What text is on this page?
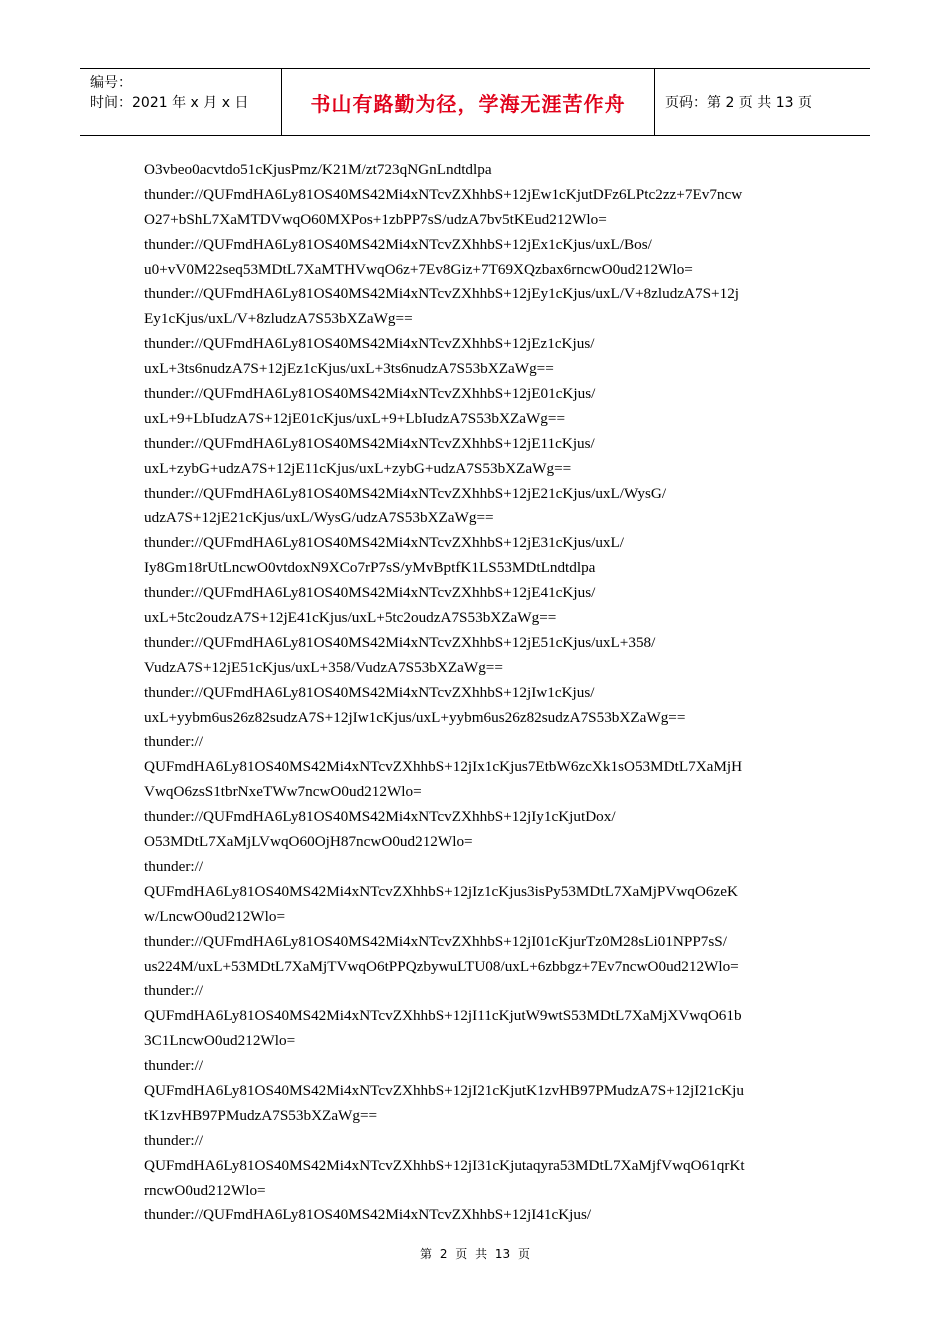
编号：
时间：2021 年 x 月 x 日	书山有路勤为径，学海无涯苦作舟	页码：第 2 页 共 13 页
O3vbeo0acvtdo51cKjusPmz/K21M/zt723qNGnLndtdlpa
thunder://QUFmdHA6Ly81OS40MS42Mi4xNTcvZXhhbS+12jEw1cKjutDFz6LPtc2zz+7Ev7ncw
O27+bShL7XaMTDVwqO60MXPos+1zbPP7sS/udzA7bv5tKEud212Wlo=
thunder://QUFmdHA6Ly81OS40MS42Mi4xNTcvZXhhbS+12jEx1cKjus/uxL/Bos/
u0+vV0M22seq53MDtL7XaMTHVwqO6z+7Ev8Giz+7T69XQzbax6rncwO0ud212Wlo=
thunder://QUFmdHA6Ly81OS40MS42Mi4xNTcvZXhhbS+12jEy1cKjus/uxL/V+8zludzA7S+12j
Ey1cKjus/uxL/V+8zludzA7S53bXZaWg==
thunder://QUFmdHA6Ly81OS40MS42Mi4xNTcvZXhhbS+12jEz1cKjus/
uxL+3ts6nudzA7S+12jEz1cKjus/uxL+3ts6nudzA7S53bXZaWg==
thunder://QUFmdHA6Ly81OS40MS42Mi4xNTcvZXhhbS+12jE01cKjus/
uxL+9+LbIudzA7S+12jE01cKjus/uxL+9+LbIudzA7S53bXZaWg==
thunder://QUFmdHA6Ly81OS40MS42Mi4xNTcvZXhhbS+12jE11cKjus/
uxL+zybG+udzA7S+12jE11cKjus/uxL+zybG+udzA7S53bXZaWg==
thunder://QUFmdHA6Ly81OS40MS42Mi4xNTcvZXhhbS+12jE21cKjus/uxL/WysG/
udzA7S+12jE21cKjus/uxL/WysG/udzA7S53bXZaWg==
thunder://QUFmdHA6Ly81OS40MS42Mi4xNTcvZXhhbS+12jE31cKjus/uxL/
Iy8Gm18rUtLncwO0vtdoxN9XCo7rP7sS/yMvBptfK1LS53MDtLndtdlpa
thunder://QUFmdHA6Ly81OS40MS42Mi4xNTcvZXhhbS+12jE41cKjus/
uxL+5tc2oudzA7S+12jE41cKjus/uxL+5tc2oudzA7S53bXZaWg==
thunder://QUFmdHA6Ly81OS40MS42Mi4xNTcvZXhhbS+12jE51cKjus/uxL+358/
VudzA7S+12jE51cKjus/uxL+358/VudzA7S53bXZaWg==
thunder://QUFmdHA6Ly81OS40MS42Mi4xNTcvZXhhbS+12jIw1cKjus/
uxL+yybm6us26z82sudzA7S+12jIw1cKjus/uxL+yybm6us26z82sudzA7S53bXZaWg==
thunder://
QUFmdHA6Ly81OS40MS42Mi4xNTcvZXhhbS+12jIx1cKjus7EtbW6zcXk1sO53MDtL7XaMjH
VwqO6zsS1tbrNxeTWw7ncwO0ud212Wlo=
thunder://QUFmdHA6Ly81OS40MS42Mi4xNTcvZXhhbS+12jIy1cKjutDox/
O53MDtL7XaMjLVwqO60OjH87ncwO0ud212Wlo=
thunder://
QUFmdHA6Ly81OS40MS42Mi4xNTcvZXhhbS+12jIz1cKjus3isPy53MDtL7XaMjPVwqO6zeK
w/LncwO0ud212Wlo=
thunder://QUFmdHA6Ly81OS40MS42Mi4xNTcvZXhhbS+12jI01cKjurTz0M28sLi01NPP7sS/
us224M/uxL+53MDtL7XaMjTVwqO6tPPQzbywuLTU08/uxL+6zbbgz+7Ev7ncwO0ud212Wlo=
thunder://
QUFmdHA6Ly81OS40MS42Mi4xNTcvZXhhbS+12jI11cKjutW9wtS53MDtL7XaMjXVwqO61b
3C1LncwO0ud212Wlo=
thunder://
QUFmdHA6Ly81OS40MS42Mi4xNTcvZXhhbS+12jI21cKjutK1zvHB97PMudzA7S+12jI21cKju
tK1zvHB97PMudzA7S53bXZaWg==
thunder://
QUFmdHA6Ly81OS40MS42Mi4xNTcvZXhhbS+12jI31cKjutaqyra53MDtL7XaMjfVwqO61qrKt
rncwO0ud212Wlo=
thunder://QUFmdHA6Ly81OS40MS42Mi4xNTcvZXhhbS+12jI41cKjus/
第 2 页 共 13 页
